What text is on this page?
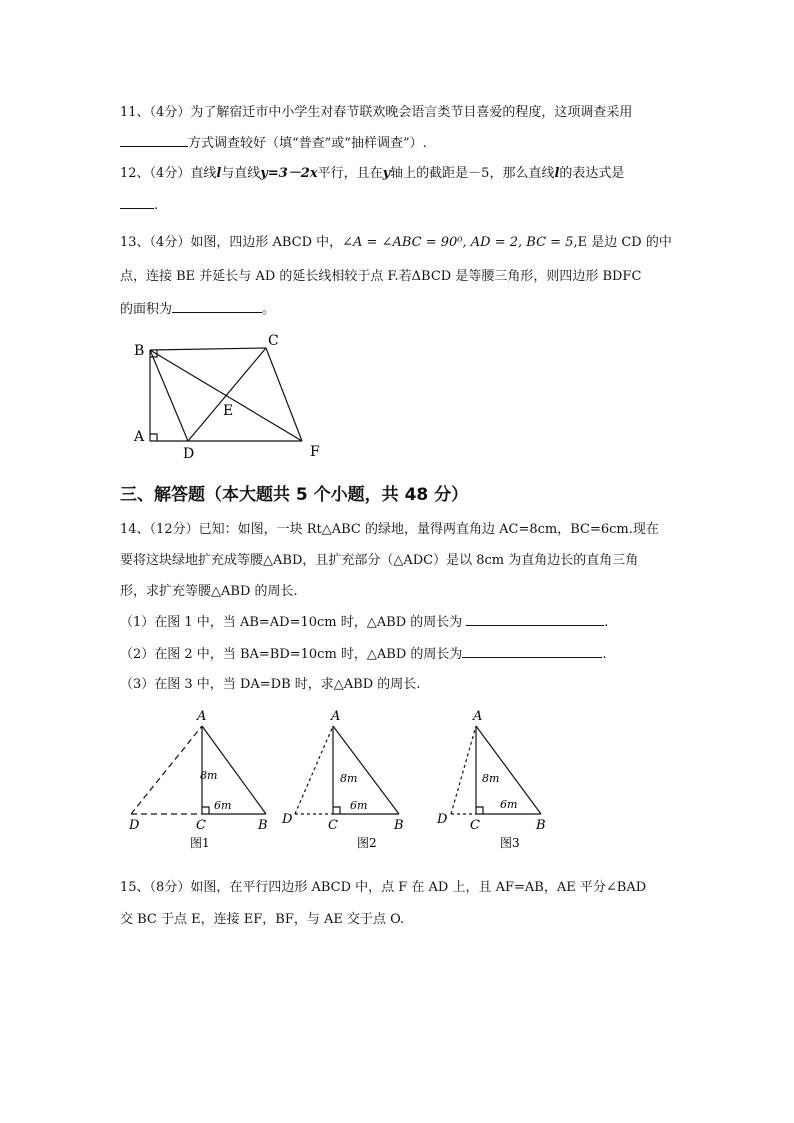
11、（4分）为了解宿迁市中小学生对春节联欢晚会语言类节目喜爱的程度，这项调查采用
方式调查较好（填“普查”或“抽样调查”）.
12、（4分）直线l与直线y=3－2x平行，且在y轴上的截距是－5，那么直线l的表达式是
.
13、（4分）如图，四边形 ABCD 中，∠A = ∠ABC = 90⁰, AD = 2, BC = 5,E 是边 CD 的中
点，连接 BE 并延长与 AD 的延长线相较于点 F.若ΔBCD 是等腰三角形，则四边形 BDFC
的面积为	。
B
C
A
D
E
F
三、解答题（本大题共 5 个小题，共 48 分）
14、（12分）已知：如图，一块 Rt△ABC 的绿地，量得两直角边 AC=8cm，BC=6cm.现在
要将这块绿地扩充成等腰△ABD，且扩充部分（△ADC）是以 8cm 为直角边长的直角三角
形，求扩充等腰△ABD 的周长.
（1）在图 1 中，当 AB=AD=10cm 时，△ABD 的周长为	.
（2）在图 2 中，当 BA=BD=10cm 时，△ABD 的周长为	.
（3）在图 3 中，当 DA=DB 时，求△ABD 的周长.
A
C	B
D
8m
6m
图1
A
C	B
D
8m
6m
图2
A
C	B
D
8m
6m
图3
15、（8分）如图，在平行四边形 ABCD 中，点 F 在 AD 上，且 AF=AB，AE 平分∠BAD
交 BC 于点 E，连接 EF，BF，与 AE 交于点 O.
